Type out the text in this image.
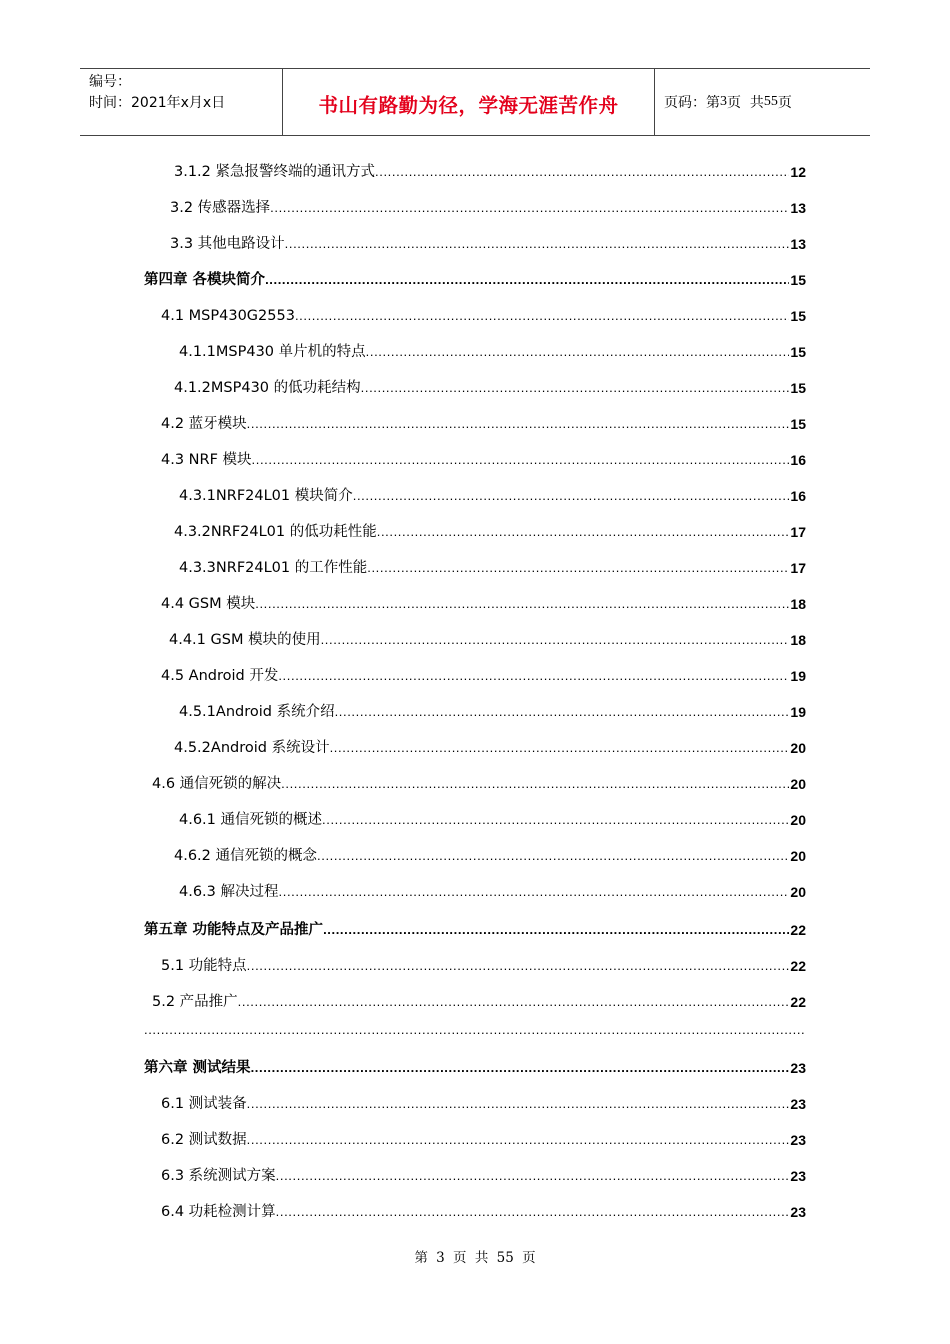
编号：
时间：2021年x月x日	书山有路勤为径，学海无涯苦作舟	页码：第 3 页  共 55 页
3.1.2 紧急报警终端的通讯方式 .....	12
3.2 传感器选择 .....	13
3.3 其他电路设计 .....	13
第四章 各模块简介 .....	15
4.1 MSP430G2553 .....	15
4.1.1MSP430 单片机的特点 .....	15
4.1.2MSP430 的低功耗结构 .....	15
4.2 蓝牙模块 .....	15
4.3 NRF 模块 .....	16
4.3.1NRF24L01 模块简介 .....	16
4.3.2NRF24L01 的低功耗性能 .....	17
4.3.3NRF24L01 的工作性能 .....	17
4.4 GSM 模块 .....	18
4.4.1 GSM 模块的使用 .....	18
4.5 Android 开发 .....	19
4.5.1Android 系统介绍 .....	19
4.5.2Android 系统设计 .....	20
4.6 通信死锁的解决 .....	20
4.6.1 通信死锁的概述 .....	20
4.6.2 通信死锁的概念 .....	20
4.6.3 解决过程 .....	20
第五章 功能特点及产品推广 .....	22
5.1 功能特点 .....	22
5.2 产品推广 .....	22
第六章 测试结果 .....	23
6.1 测试装备 .....	23
6.2 测试数据 .....	23
6.3 系统测试方案 .....	23
6.4 功耗检测计算 .....	23
.....
第 3 页 共 55 页
